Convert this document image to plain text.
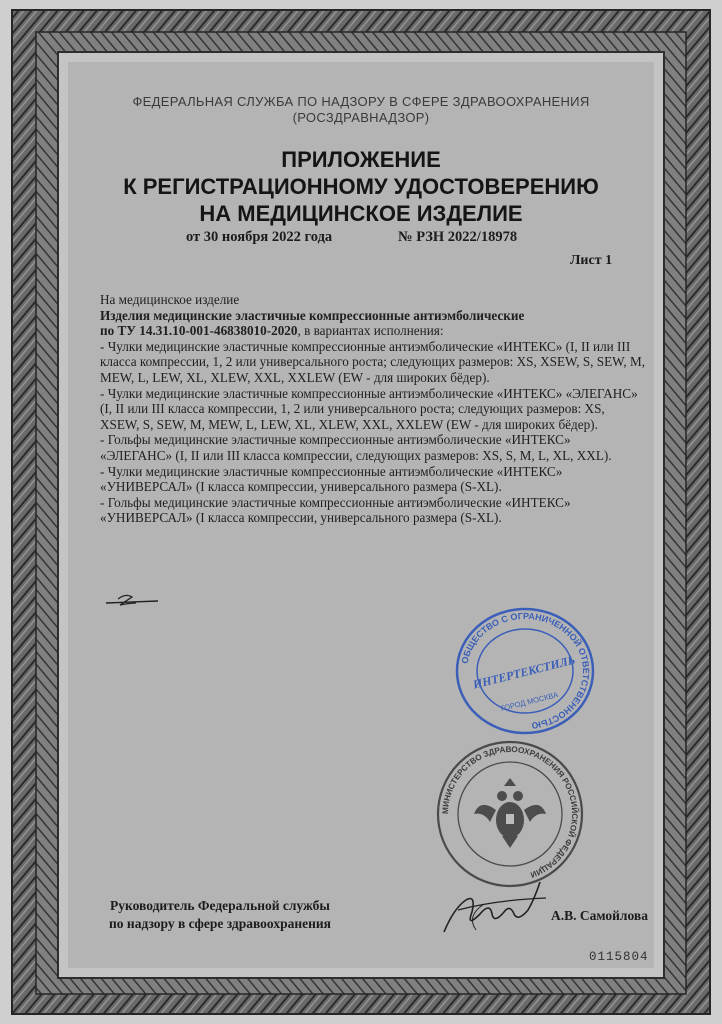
ФЕДЕРАЛЬНАЯ СЛУЖБА ПО НАДЗОРУ В СФЕРЕ ЗДРАВООХРАНЕНИЯ
(РОСЗДРАВНАДЗОР)
ПРИЛОЖЕНИЕ
К РЕГИСТРАЦИОННОМУ УДОСТОВЕРЕНИЮ
НА МЕДИЦИНСКОЕ ИЗДЕЛИЕ
от 30 ноября 2022 года	№ РЗН 2022/18978
Лист 1

На медицинское изделие

Изделия медицинские эластичные компрессионные антиэмболические

по ТУ 14.31.10-001-46838010-2020, в вариантах исполнения:

- Чулки медицинские эластичные компрессионные антиэмболические «ИНТЕКС» (I, II или III класса компрессии, 1, 2 или универсального роста; следующих размеров: XS, XSEW, S, SEW, M, MEW, L, LEW, XL, XLEW, XXL, XXLEW (EW - для широких бёдер).

- Чулки медицинские эластичные компрессионные антиэмболические «ИНТЕКС» «ЭЛЕГАНС» (I, II или III класса компрессии, 1, 2 или универсального роста; следующих размеров: XS, XSEW, S, SEW, M, MEW, L, LEW, XL, XLEW, XXL, XXLEW (EW - для широких бёдер).

- Гольфы медицинские эластичные компрессионные антиэмболические «ИНТЕКС» «ЭЛЕГАНС» (I, II или III класса компрессии, следующих размеров: XS, S, M, L, XL, XXL).

- Чулки медицинские эластичные компрессионные антиэмболические «ИНТЕКС» «УНИВЕРСАЛ» (I класса компрессии, универсального размера (S-XL).

- Гольфы медицинские эластичные компрессионные антиэмболические «ИНТЕКС» «УНИВЕРСАЛ» (I класса компрессии, универсального размера (S-XL).

ОБЩЕСТВО С ОГРАНИЧЕННОЙ ОТВЕТСТВЕННОСТЬЮ
ИНТЕРТЕКСТИЛЬ
ГОРОД МОСКВА
МИНИСТЕРСТВО ЗДРАВООХРАНЕНИЯ РОССИЙСКОЙ ФЕДЕРАЦИИ
Руководитель Федеральной службы
по надзору в сфере здравоохранения
А.В. Самойлова
0115804
